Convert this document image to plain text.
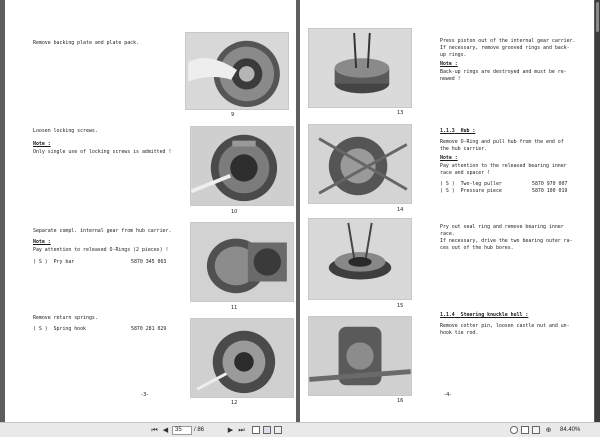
Remove backing plate and plate pack.
9
Loosen locking screws.
Note :
Only single use of locking screws is admitted !
10
Separate compl. internal gear from hub carrier.
Note :
Pay attention to released O-Rings (2 pieces) !
( S )  Pry bar	5870 345 063
11
Remove return springs.
( S )  Spring hook	5870 281 029
12
-3-
13
Press piston out of the internal gear carrier.
If necessary, remove grooved rings and back-
up rings.
Note :
Back-up rings are destroyed and must be re-
newed !
14
1.1.3 Hub :
Remove O-Ring and pull hub from the end of
the hub carrier.
Note :
Pay attention to the released bearing inner
race and spacer !
( S )  Two-leg puller	5870 970 007
( S )  Pressure piece	5870 100 019
15
Pry out seal ring and remove bearing inner
race.
If necessary, drive the two bearing outer ra-
ces out of the hub bores.
16
1.1.4 Steering knuckle hull :
Remove cotter pin, loosen castle nut and un-
hook tie rod.
-4-
⏮ ◀	35	/ 86	▶ ⏭	⊕ 84.40%
